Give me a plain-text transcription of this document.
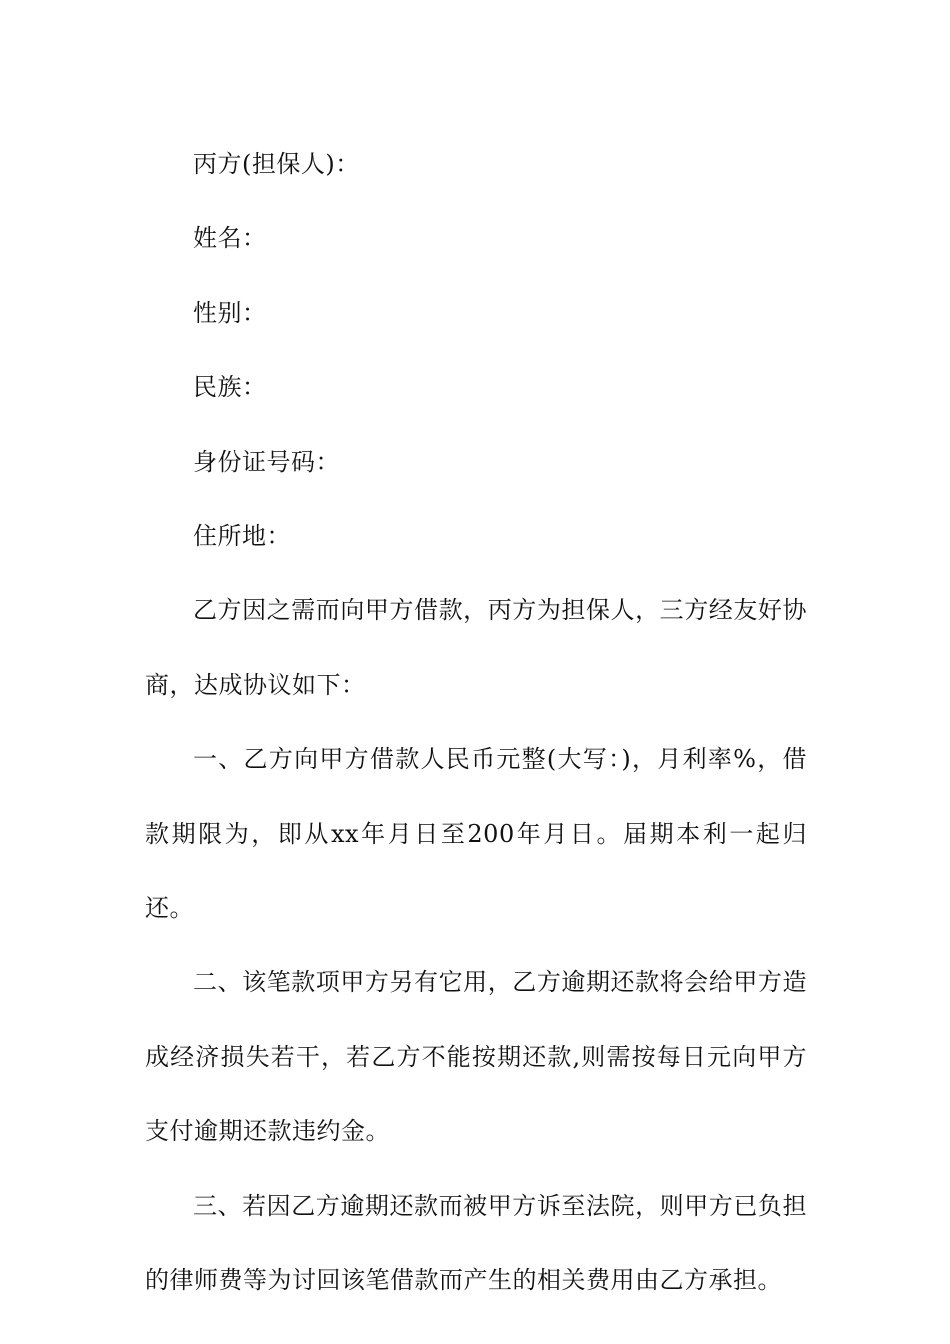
丙方(担保人)：

姓名：

性别：

民族：

身份证号码：

住所地：

乙方因之需而向甲方借款，丙方为担保人，三方经友好协商，达成协议如下：

一、乙方向甲方借款人民币元整(大写：)，月利率%，借款期限为，即从xx年月日至200年月日。届期本利一起归还。

二、该笔款项甲方另有它用，乙方逾期还款将会给甲方造成经济损失若干，若乙方不能按期还款,则需按每日元向甲方支付逾期还款违约金。

三、若因乙方逾期还款而被甲方诉至法院，则甲方已负担的律师费等为讨回该笔借款而产生的相关费用由乙方承担。
